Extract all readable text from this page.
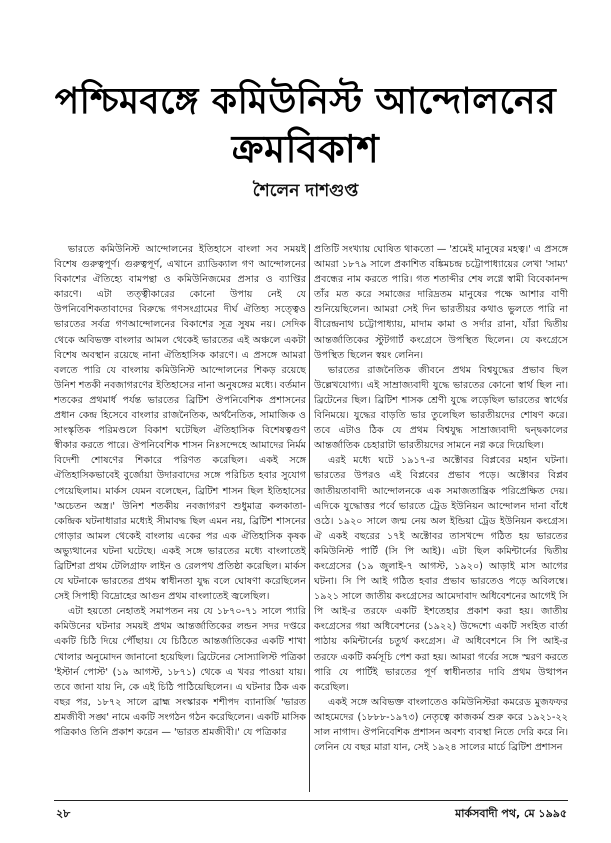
পশ্চিমবঙ্গে কমিউনিস্ট আন্দোলনের
ক্রমবিকাশ
শৈলেন দাশগুপ্ত

ভারতে কমিউনিস্ট আন্দোলনের ইতিহাসে বাংলা সব সময়ই বিশেষ গুরুত্বপূর্ণ। গুরুত্বপূর্ণ, এখানে র‍্যাডিক্যাল গণ আন্দোলনের বিকাশের ঐতিহ্যে বামপন্থা ও কমিউনিজমের প্রসার ও ব্যাপ্তির কারণে। এটা তত্ত্বীকারের কোনো উপায় নেই যে উপনিবেশিকতাবাদের বিরুদ্ধে গণসংগ্রামের দীর্ঘ ঐতিহ্য সত্ত্বেও ভারতের সর্বত্র গণআন্দোলনের বিকাশের সূত্র সুষম নয়। সেদিক থেকে অবিভক্ত বাংলার আমল থেকেই ভারতের এই অঞ্চলে একটা বিশেষ অবস্থান রয়েছে নানা ঐতিহাসিক কারণে। এ প্রসঙ্গে আমরা বলতে পারি যে বাংলায় কমিউনিস্ট আন্দোলনের শিকড় রয়েছে উনিশ শতকী নবজাগরণের ইতিহাসের নানা অনুষঙ্গের মধ্যে। বর্তমান শতকের প্রথমার্ধ পর্যন্ত ভারতের ব্রিটিশ ঔপনিবেশিক প্রশাসনের প্রধান কেন্দ্র হিসেবে বাংলার রাজনৈতিক, অর্থনৈতিক, সামাজিক ও সাংস্কৃতিক পরিমণ্ডলে বিকাশ ঘটেছিল ঐতিহাসিক বিশেষত্বগুণ স্বীকার করতে পারে। ঔপনিবেশিক শাসন নিঃসন্দেহে আমাদের নির্মম বিদেশী শোষণের শিকারে পরিণত করেছিল। একই সঙ্গে ঐতিহাসিকভাবেই বুর্জোয়া উদারবাদের সঙ্গে পরিচিত হবার সুযোগ পেয়েছিলাম। মার্কস যেমন বলেছেন, ব্রিটিশ শাসন ছিল ইতিহাসের 'অচেতন অস্ত্র।' উনিশ শতকীয় নবজাগরণ শুধুমাত্র কলকাতা-কেন্দ্রিক ঘটনাধারার মধ্যেই সীমাবদ্ধ ছিল এমন নয়, ব্রিটিশ শাসনের গোড়ার আমল থেকেই বাংলায় একের পর এক ঐতিহাসিক কৃষক অভ্যুত্থানের ঘটনা ঘটেছে। একই সঙ্গে ভারতের মধ্যে বাংলাতেই ব্রিটিশরা প্রথম টেলিগ্রাফ লাইন ও রেলপথ প্রতিষ্ঠা করেছিল। মার্কস যে ঘটনাকে ভারতের প্রথম স্বাধীনতা যুদ্ধ বলে ঘোষণা করেছিলেন সেই সিপাহী বিদ্রোহের আগুন প্রথম বাংলাতেই জ্বলেছিল।

এটা হয়তো নেহাতই সমাপতন নয় যে ১৮৭০-৭১ সালে প্যারি কমিউনের ঘটনার সময়ই প্রথম আন্তর্জাতিকের লন্ডন সদর দপ্তরে একটি চিঠি দিয়ে পৌঁছায়। যে চিঠিতে আন্তর্জাতিকের একটি শাখা খোলার অনুমোদন জানানো হয়েছিল। ব্রিটেনের সোস্যালিস্ট পত্রিকা 'ইস্টার্ন পোস্ট' (১৯ আগস্ট, ১৮৭১) থেকে এ খবর পাওয়া যায়। তবে জানা যায় নি, কে এই চিঠি পাঠিয়েছিলেন। এ ঘটনার ঠিক এক বছর পর, ১৮৭২ সালে ব্রাহ্ম সংস্কারক শশীপদ ব্যানার্জি 'ভারত শ্রমজীবী সঙ্ঘ' নামে একটি সংগঠন গঠন করেছিলেন। একটি মাসিক পত্রিকাও তিনি প্রকাশ করেন — 'ভারত শ্রমজীবী।' যে পত্রিকার

প্রতিটি সংখ্যায় ঘোষিত থাকতো — 'শ্রমেই মানুষের মহত্ব।' এ প্রসঙ্গে আমরা ১৮৭৯ সালে প্রকাশিত বঙ্কিমচন্দ্র চট্টোপাধ্যায়ের লেখা 'সাম্য' প্রবন্ধের নাম করতে পারি। গত শতাব্দীর শেষ লগ্নে স্বামী বিবেকানন্দ তাঁর মত করে সমাজের দারিদ্রতম মানুষের পক্ষে আশার বাণী শুনিয়েছিলেন। আমরা সেই দিন ভারতীয়র কথাও ভুলতে পারি না বীরেন্দ্রনাথ চট্টোপাধ্যায়, মাদাম কামা ও সর্দার রানা, যাঁরা দ্বিতীয় আন্তর্জাতিকের স্টুটগার্ট কংগ্রেসে উপস্থিত ছিলেন। যে কংগ্রেসে উপস্থিত ছিলেন স্বয়ং লেনিন।

ভারতের রাজনৈতিক জীবনে প্রথম বিশ্বযুদ্ধের প্রভাব ছিল উল্লেখযোগ্য। এই সাম্রাজ্যবাদী যুদ্ধে ভারতের কোনো স্বার্থ ছিল না। ব্রিটেনের ছিল। ব্রিটিশ শাসক শ্রেণী যুদ্ধে লড়েছিল ভারতের স্বার্থের বিনিময়ে। যুদ্ধের বাড়তি ভার তুলেছিল ভারতীয়দের শোষণ করে। তবে এটাও ঠিক যে প্রথম বিশ্বযুদ্ধ সাম্রাজ্যবাদী দ্বন্দ্বকালের আন্তর্জাতিক চেহারাটা ভারতীয়দের সামনে নগ্ন করে দিয়েছিল।

এরই মধ্যে ঘটে ১৯১৭-র অক্টোবর বিপ্লবের মহান ঘটনা। ভারতের উপরও এই বিপ্লবের প্রভাব পড়ে। অক্টোবর বিপ্লব জাতীয়তাবাদী আন্দোলনকে এক সমাজতান্ত্রিক পরিপ্রেক্ষিত দেয়। এদিকে যুদ্ধোত্তর পর্বে ভারতে ট্রেড ইউনিয়ন আন্দোলন দানা বাঁধে ওঠে। ১৯২০ সালে জন্ম নেয় অল ইন্ডিয়া ট্রেড ইউনিয়ন কংগ্রেস। ঐ একই বছরের ১৭ই অক্টোবর তাসখন্দে গঠিত হয় ভারতের কমিউনিস্ট পার্টি (সি পি আই)। এটা ছিল কমিন্টার্নের দ্বিতীয় কংগ্রেসের (১৯ জুলাই-৭ আগস্ট, ১৯২০) আড়াই মাস আগের ঘটনা। সি পি আই গঠিত হবার প্রভাব ভারতেও পড়ে অবিলম্বে। ১৯২১ সালে জাতীয় কংগ্রেসের আমেদাবাদ অধিবেশনের আগেই সি পি আই-র তরফে একটি ইশতেহার প্রকাশ করা হয়। জাতীয় কংগ্রেসের গয়া অধিবেশনের (১৯২২) উদ্দেশ্যে একটি সংহিত বার্তা পাঠায় কমিন্টার্নের চতুর্থ কংগ্রেস। ঐ অধিবেশনে সি পি আই-র তরফে একটি কর্মসূচি পেশ করা হয়। আমরা গর্বের সঙ্গে স্মরণ করতে পারি যে পার্টিই ভারতের পূর্ণ স্বাধীনতার দাবি প্রথম উত্থাপন করেছিল।

একই সঙ্গে অবিভক্ত বাংলাতেও কমিউনিস্টরা কমরেড মুজফফর আহমেদের (১৮৮৮-১৯৭৩) নেতৃত্বে কাজকর্ম শুরু করে ১৯২১-২২ সাল নাগাদ। ঔপনিবেশিক প্রশাসন অবশ্য ব্যবস্থা নিতে দেরি করে নি। লেনিন যে বছর মারা যান, সেই ১৯২৪ সালের মার্চে ব্রিটিশ প্রশাসন

২৮	মার্কসবাদী পথ, মে ১৯৯৫
